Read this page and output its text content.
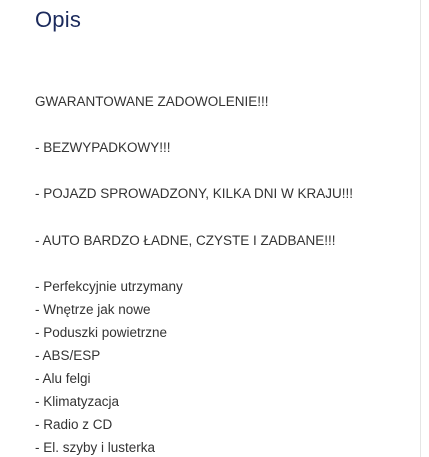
Opis
GWARANTOWANE ZADOWOLENIE!!!
- BEZWYPADKOWY!!!
- POJAZD SPROWADZONY, KILKA DNI W KRAJU!!!
- AUTO BARDZO ŁADNE, CZYSTE I ZADBANE!!!
- Perfekcyjnie utrzymany
- Wnętrze jak nowe
- Poduszki powietrzne
- ABS/ESP
- Alu felgi
- Klimatyzacja
- Radio z CD
- El. szyby i lusterka
